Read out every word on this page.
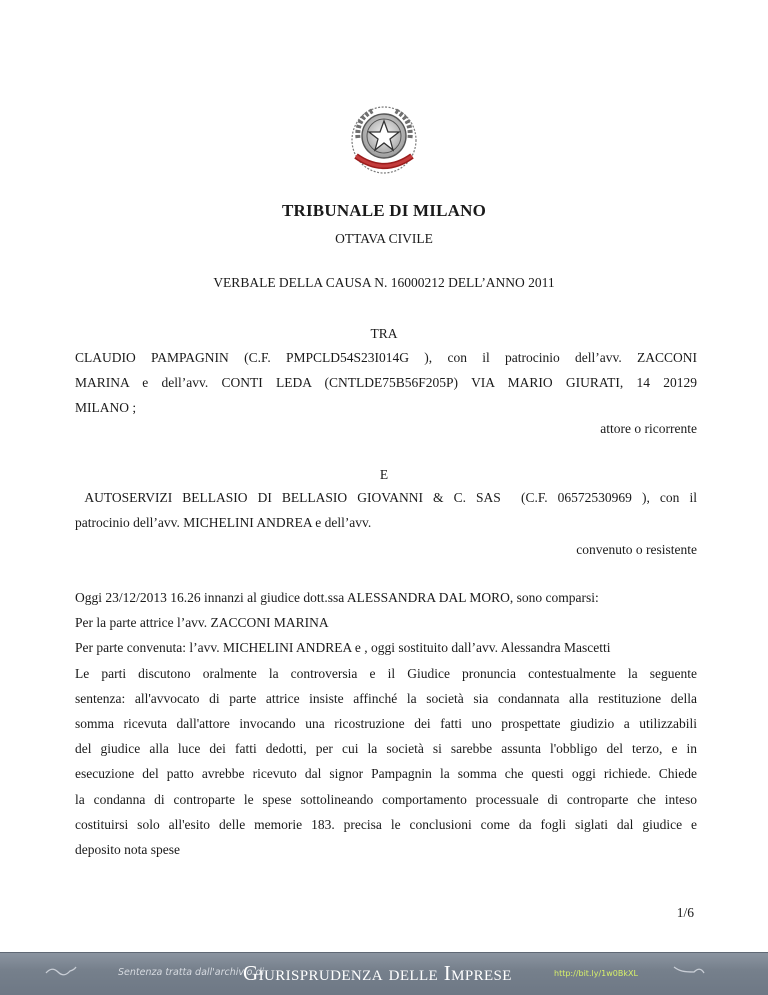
TRIBUNALE DI MILANO
OTTAVA CIVILE
VERBALE DELLA CAUSA N. 16000212 DELL’ANNO 2011
TRA
CLAUDIO PAMPAGNIN (C.F. PMPCLD54S23I014G ), con il patrocinio dell’avv. ZACCONI
MARINA e dell’avv. CONTI LEDA (CNTLDE75B56F205P) VIA MARIO GIURATI, 14 20129
MILANO ;
attore o ricorrente
E
AUTOSERVIZI BELLASIO DI BELLASIO GIOVANNI & C. SAS  (C.F. 06572530969 ), con il
patrocinio dell’avv. MICHELINI ANDREA e dell’avv.
convenuto o resistente
Oggi 23/12/2013 16.26 innanzi al giudice dott.ssa ALESSANDRA DAL MORO, sono comparsi:
Per la parte attrice l’avv. ZACCONI MARINA
Per parte convenuta: l’avv. MICHELINI ANDREA e , oggi sostituito dall’avv. Alessandra Mascetti
Le parti discutono oralmente la controversia e il Giudice pronuncia contestualmente la seguente
sentenza: all'avvocato di parte attrice insiste affinché la società sia condannata alla restituzione della
somma ricevuta dall'attore invocando una ricostruzione dei fatti uno prospettate giudizio a utilizzabili
del giudice alla luce dei fatti dedotti, per cui la società si sarebbe assunta l'obbligo del terzo, e in
esecuzione del patto avrebbe ricevuto dal signor Pampagnin la somma che questi oggi richiede. Chiede
la condanna di controparte le spese sottolineando comportamento processuale di controparte che inteso
costituirsi solo all'esito delle memorie 183. precisa le conclusioni come da fogli siglati dal giudice e
deposito nota spese
1/6
Sentenza tratta dall'archivio di
Giurisprudenza delle Imprese	http://bit.ly/1w0BkXL
